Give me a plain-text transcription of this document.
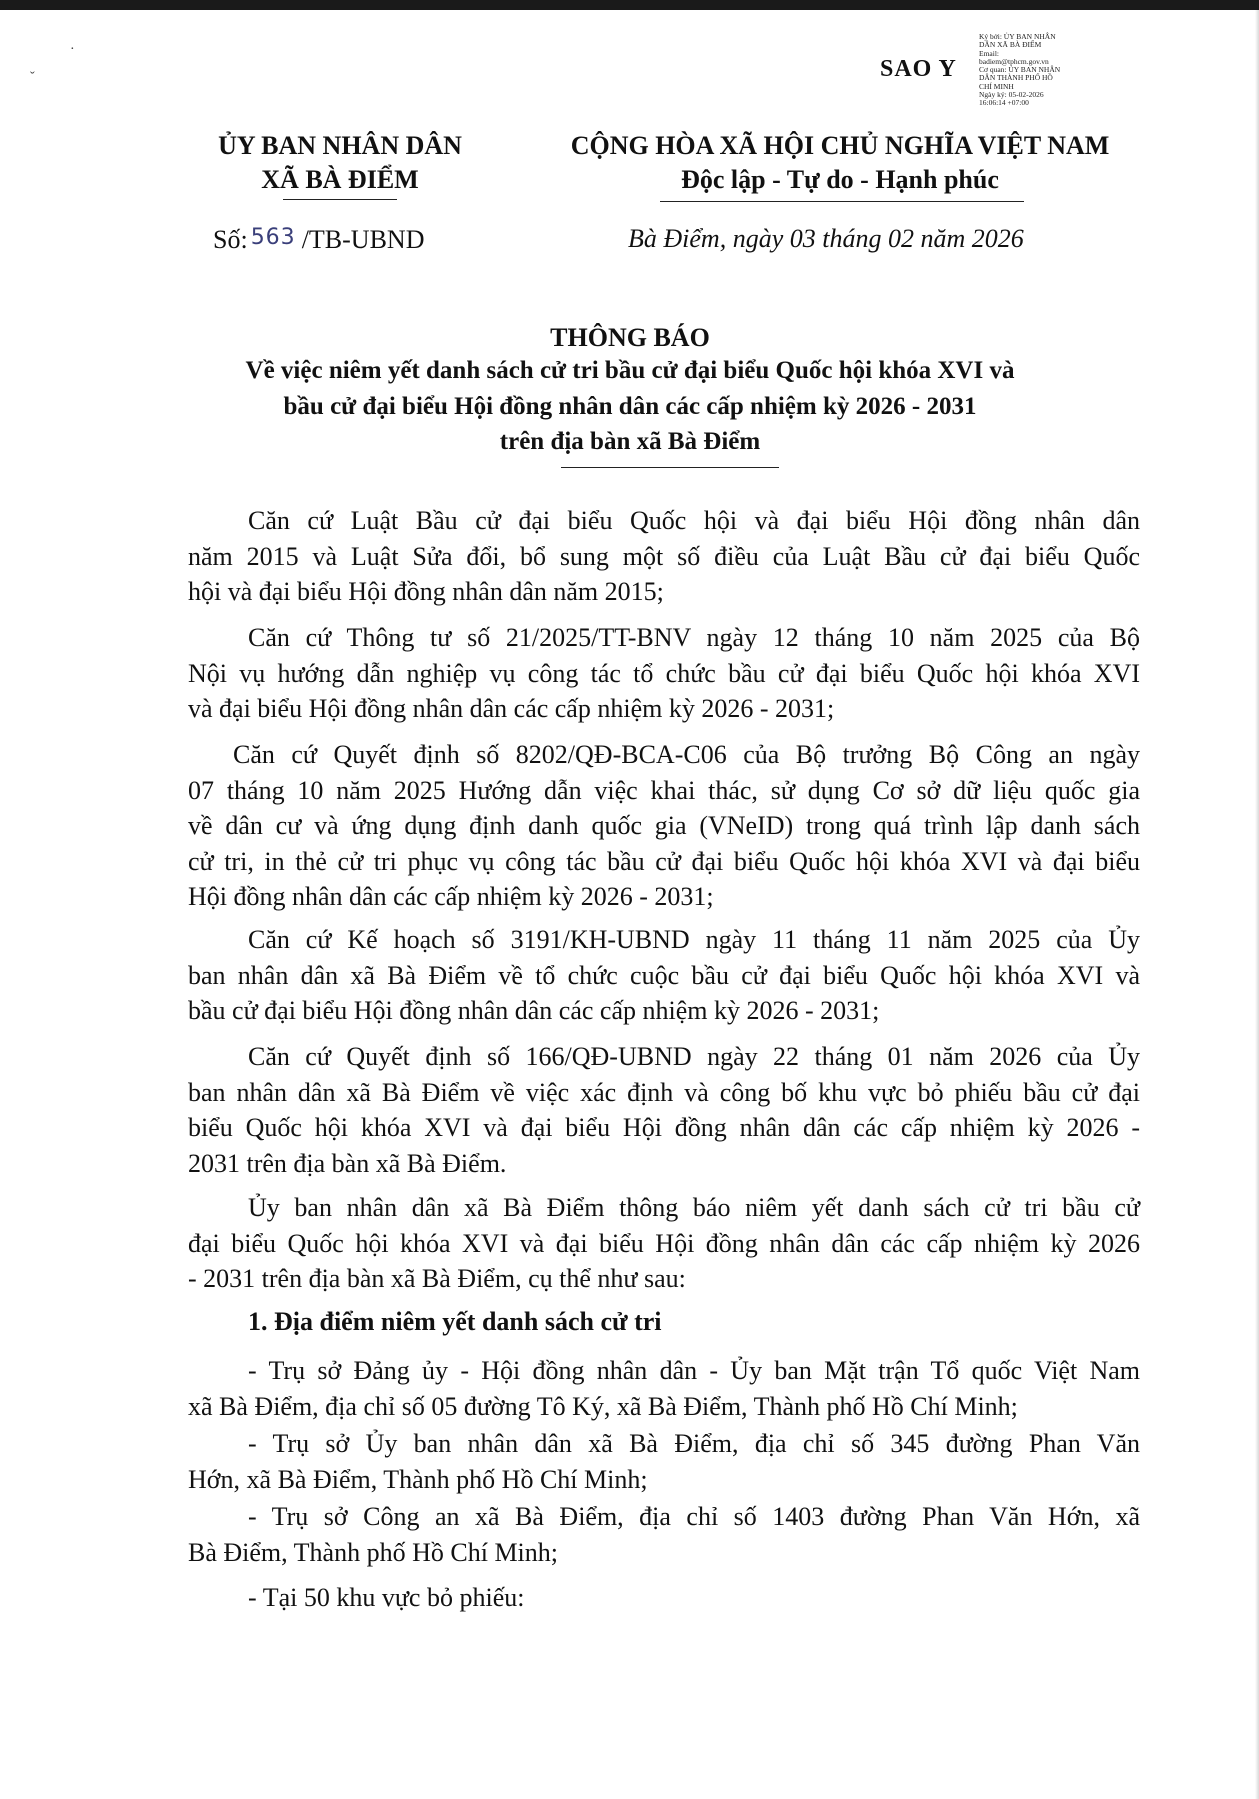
·
ˇ
Ký bởi: ỦY BAN NHÂN
DÂN XÃ BÀ ĐIỂM
Email:
badiem@tphcm.gov.vn
Cơ quan: ỦY BAN NHÂN
DÂN THÀNH PHỐ HỒ
CHÍ MINH
Ngày ký: 05-02-2026
16:06:14 +07:00
SAO Y
ỦY BAN NHÂN DÂN
XÃ BÀ ĐIỂM
CỘNG HÒA XÃ HỘI CHỦ NGHĨA VIỆT NAM
Độc lập - Tự do - Hạnh phúc
Số: 563 /TB-UBND	Bà Điểm, ngày 03 tháng 02 năm 2026
THÔNG BÁO
Về việc niêm yết danh sách cử tri bầu cử đại biểu Quốc hội khóa XVI và
bầu cử đại biểu Hội đồng nhân dân các cấp nhiệm kỳ 2026 - 2031
trên địa bàn xã Bà Điểm
Căn cứ Luật Bầu cử đại biểu Quốc hội và đại biểu Hội đồng nhân dân
năm 2015 và Luật Sửa đổi, bổ sung một số điều của Luật Bầu cử đại biểu Quốc
hội và đại biểu Hội đồng nhân dân năm 2015;
Căn cứ Thông tư số 21/2025/TT-BNV ngày 12 tháng 10 năm 2025 của Bộ
Nội vụ hướng dẫn nghiệp vụ công tác tổ chức bầu cử đại biểu Quốc hội khóa XVI
và đại biểu Hội đồng nhân dân các cấp nhiệm kỳ 2026 - 2031;
Căn cứ Quyết định số 8202/QĐ-BCA-C06 của Bộ trưởng Bộ Công an ngày
07 tháng 10 năm 2025 Hướng dẫn việc khai thác, sử dụng Cơ sở dữ liệu quốc gia
về dân cư và ứng dụng định danh quốc gia (VNeID) trong quá trình lập danh sách
cử tri, in thẻ cử tri phục vụ công tác bầu cử đại biểu Quốc hội khóa XVI và đại biểu
Hội đồng nhân dân các cấp nhiệm kỳ 2026 - 2031;
Căn cứ Kế hoạch số 3191/KH-UBND ngày 11 tháng 11 năm 2025 của Ủy
ban nhân dân xã Bà Điểm về tổ chức cuộc bầu cử đại biểu Quốc hội khóa XVI và
bầu cử đại biểu Hội đồng nhân dân các cấp nhiệm kỳ 2026 - 2031;
Căn cứ Quyết định số 166/QĐ-UBND ngày 22 tháng 01 năm 2026 của Ủy
ban nhân dân xã Bà Điểm về việc xác định và công bố khu vực bỏ phiếu bầu cử đại
biểu Quốc hội khóa XVI và đại biểu Hội đồng nhân dân các cấp nhiệm kỳ 2026 -
2031 trên địa bàn xã Bà Điểm.
Ủy ban nhân dân xã Bà Điểm thông báo niêm yết danh sách cử tri bầu cử
đại biểu Quốc hội khóa XVI và đại biểu Hội đồng nhân dân các cấp nhiệm kỳ 2026
- 2031 trên địa bàn xã Bà Điểm, cụ thể như sau:
1. Địa điểm niêm yết danh sách cử tri
- Trụ sở Đảng ủy - Hội đồng nhân dân - Ủy ban Mặt trận Tổ quốc Việt Nam
xã Bà Điểm, địa chỉ số 05 đường Tô Ký, xã Bà Điểm, Thành phố Hồ Chí Minh;
- Trụ sở Ủy ban nhân dân xã Bà Điểm, địa chỉ số 345 đường Phan Văn
Hớn, xã Bà Điểm, Thành phố Hồ Chí Minh;
- Trụ sở Công an xã Bà Điểm, địa chỉ số 1403 đường Phan Văn Hớn, xã
Bà Điểm, Thành phố Hồ Chí Minh;
- Tại 50 khu vực bỏ phiếu:
